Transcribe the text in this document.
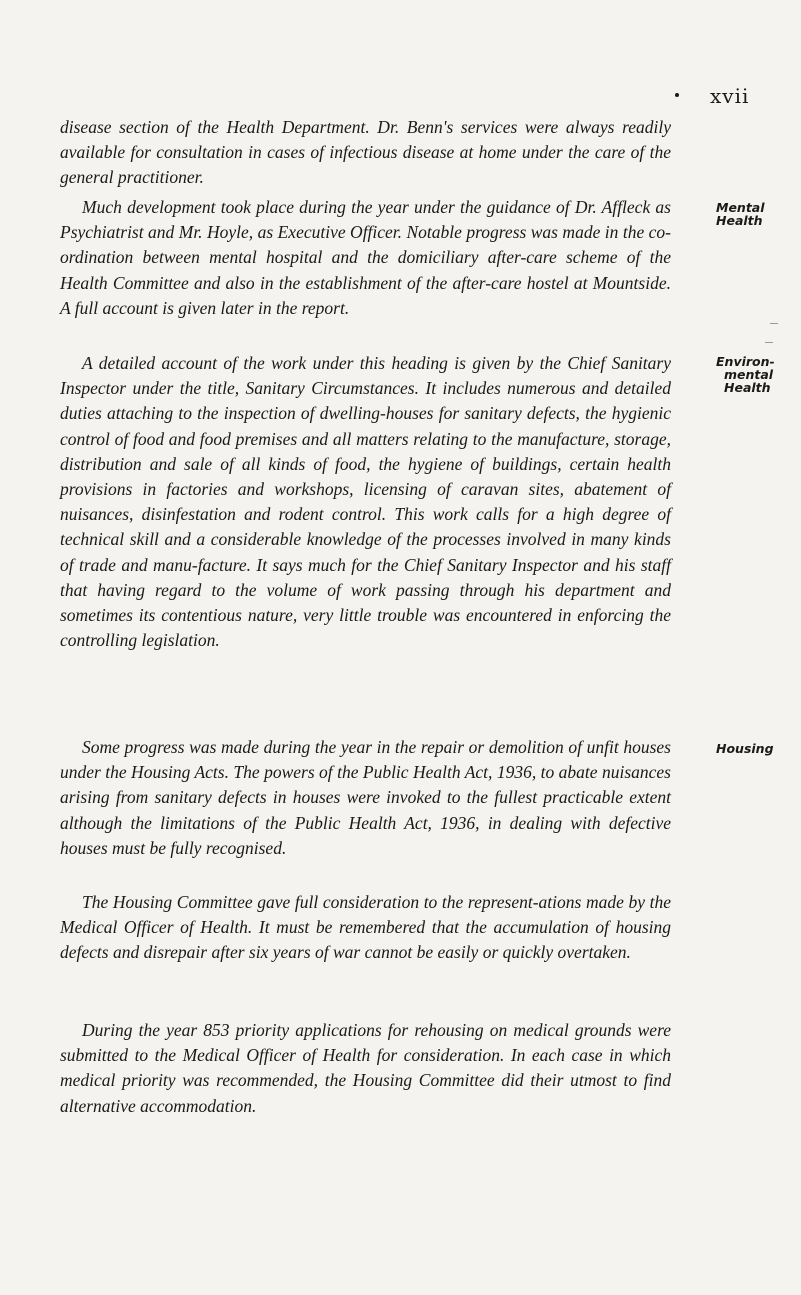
xvii

disease section of the Health Department. Dr. Benn's services were always readily available for consultation in cases of infectious disease at home under the care of the general practitioner.

Much development took place during the year under the guidance of Dr. Affleck as Psychiatrist and Mr. Hoyle, as Executive Officer. Notable progress was made in the co-ordination between mental hospital and the domiciliary after-care scheme of the Health Committee and also in the establishment of the after-care hostel at Mountside. A full account is given later in the report.

A detailed account of the work under this heading is given by the Chief Sanitary Inspector under the title, Sanitary Circumstances. It includes numerous and detailed duties attaching to the inspection of dwelling-houses for sanitary defects, the hygienic control of food and food premises and all matters relating to the manufacture, storage, distribution and sale of all kinds of food, the hygiene of buildings, certain health provisions in factories and workshops, licensing of caravan sites, abatement of nuisances, disinfestation and rodent control. This work calls for a high degree of technical skill and a considerable knowledge of the processes involved in many kinds of trade and manu-facture. It says much for the Chief Sanitary Inspector and his staff that having regard to the volume of work passing through his department and sometimes its contentious nature, very little trouble was encountered in enforcing the controlling legislation.

Some progress was made during the year in the repair or demolition of unfit houses under the Housing Acts. The powers of the Public Health Act, 1936, to abate nuisances arising from sanitary defects in houses were invoked to the fullest practicable extent although the limitations of the Public Health Act, 1936, in dealing with defective houses must be fully recognised.

The Housing Committee gave full consideration to the represent-ations made by the Medical Officer of Health. It must be remembered that the accumulation of housing defects and disrepair after six years of war cannot be easily or quickly overtaken.

During the year 853 priority applications for rehousing on medical grounds were submitted to the Medical Officer of Health for consideration. In each case in which medical priority was recommended, the Housing Committee did their utmost to find alternative accommodation.

Mental
Health
Environ-
mental
Health
Housing
